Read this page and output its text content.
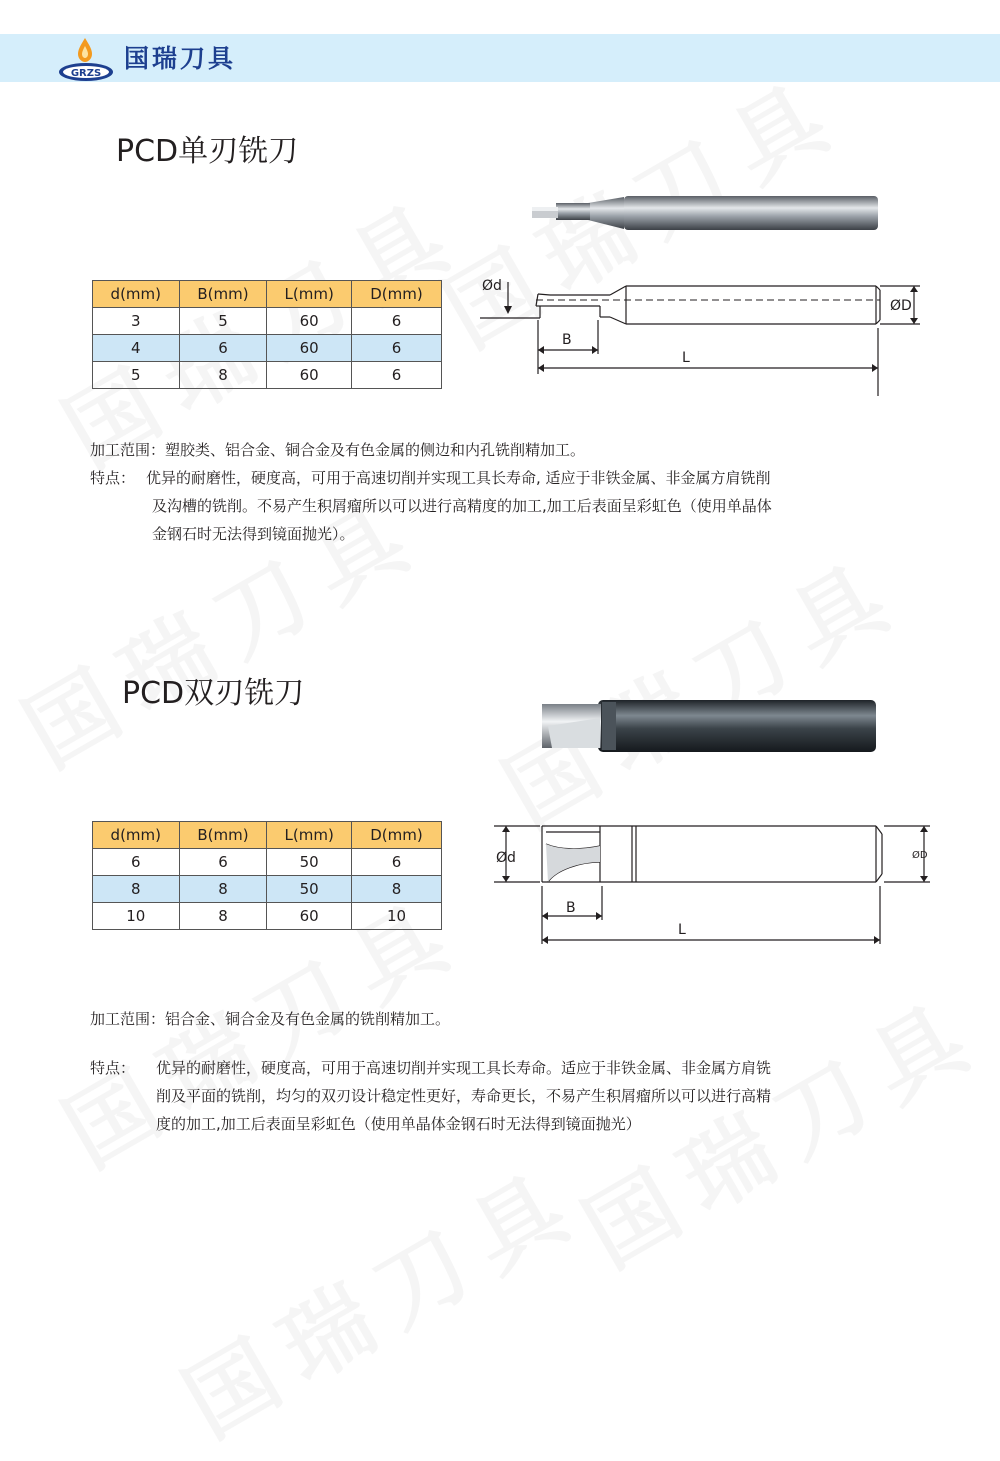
GRZS
国瑞刀具
PCD单刃铣刀
d(mm)	B(mm)	L(mm)	D(mm)
3	5	60	6
4	6	60	6
5	8	60	6
Ød
ØD
B
L
加工范围：塑胶类、铝合金、铜合金及有色金属的侧边和内孔铣削精加工。
特点： 优异的耐磨性，硬度高，可用于高速切削并实现工具长寿命, 适应于非铁金属、非金属方肩铣削
及沟槽的铣削。不易产生积屑瘤所以可以进行高精度的加工,加工后表面呈彩虹色（使用单晶体
金钢石时无法得到镜面抛光）。
PCD双刃铣刀
d(mm)	B(mm)	L(mm)	D(mm)
6	6	50	6
8	8	50	8
10	8	60	10
Ød	ØD
B
L
加工范围：铝合金、铜合金及有色金属的铣削精加工。
特点： 优异的耐磨性，硬度高，可用于高速切削并实现工具长寿命。适应于非铁金属、非金属方肩铣
削及平面的铣削，均匀的双刃设计稳定性更好，寿命更长，不易产生积屑瘤所以可以进行高精
度的加工,加工后表面呈彩虹色（使用单晶体金钢石时无法得到镜面抛光）
